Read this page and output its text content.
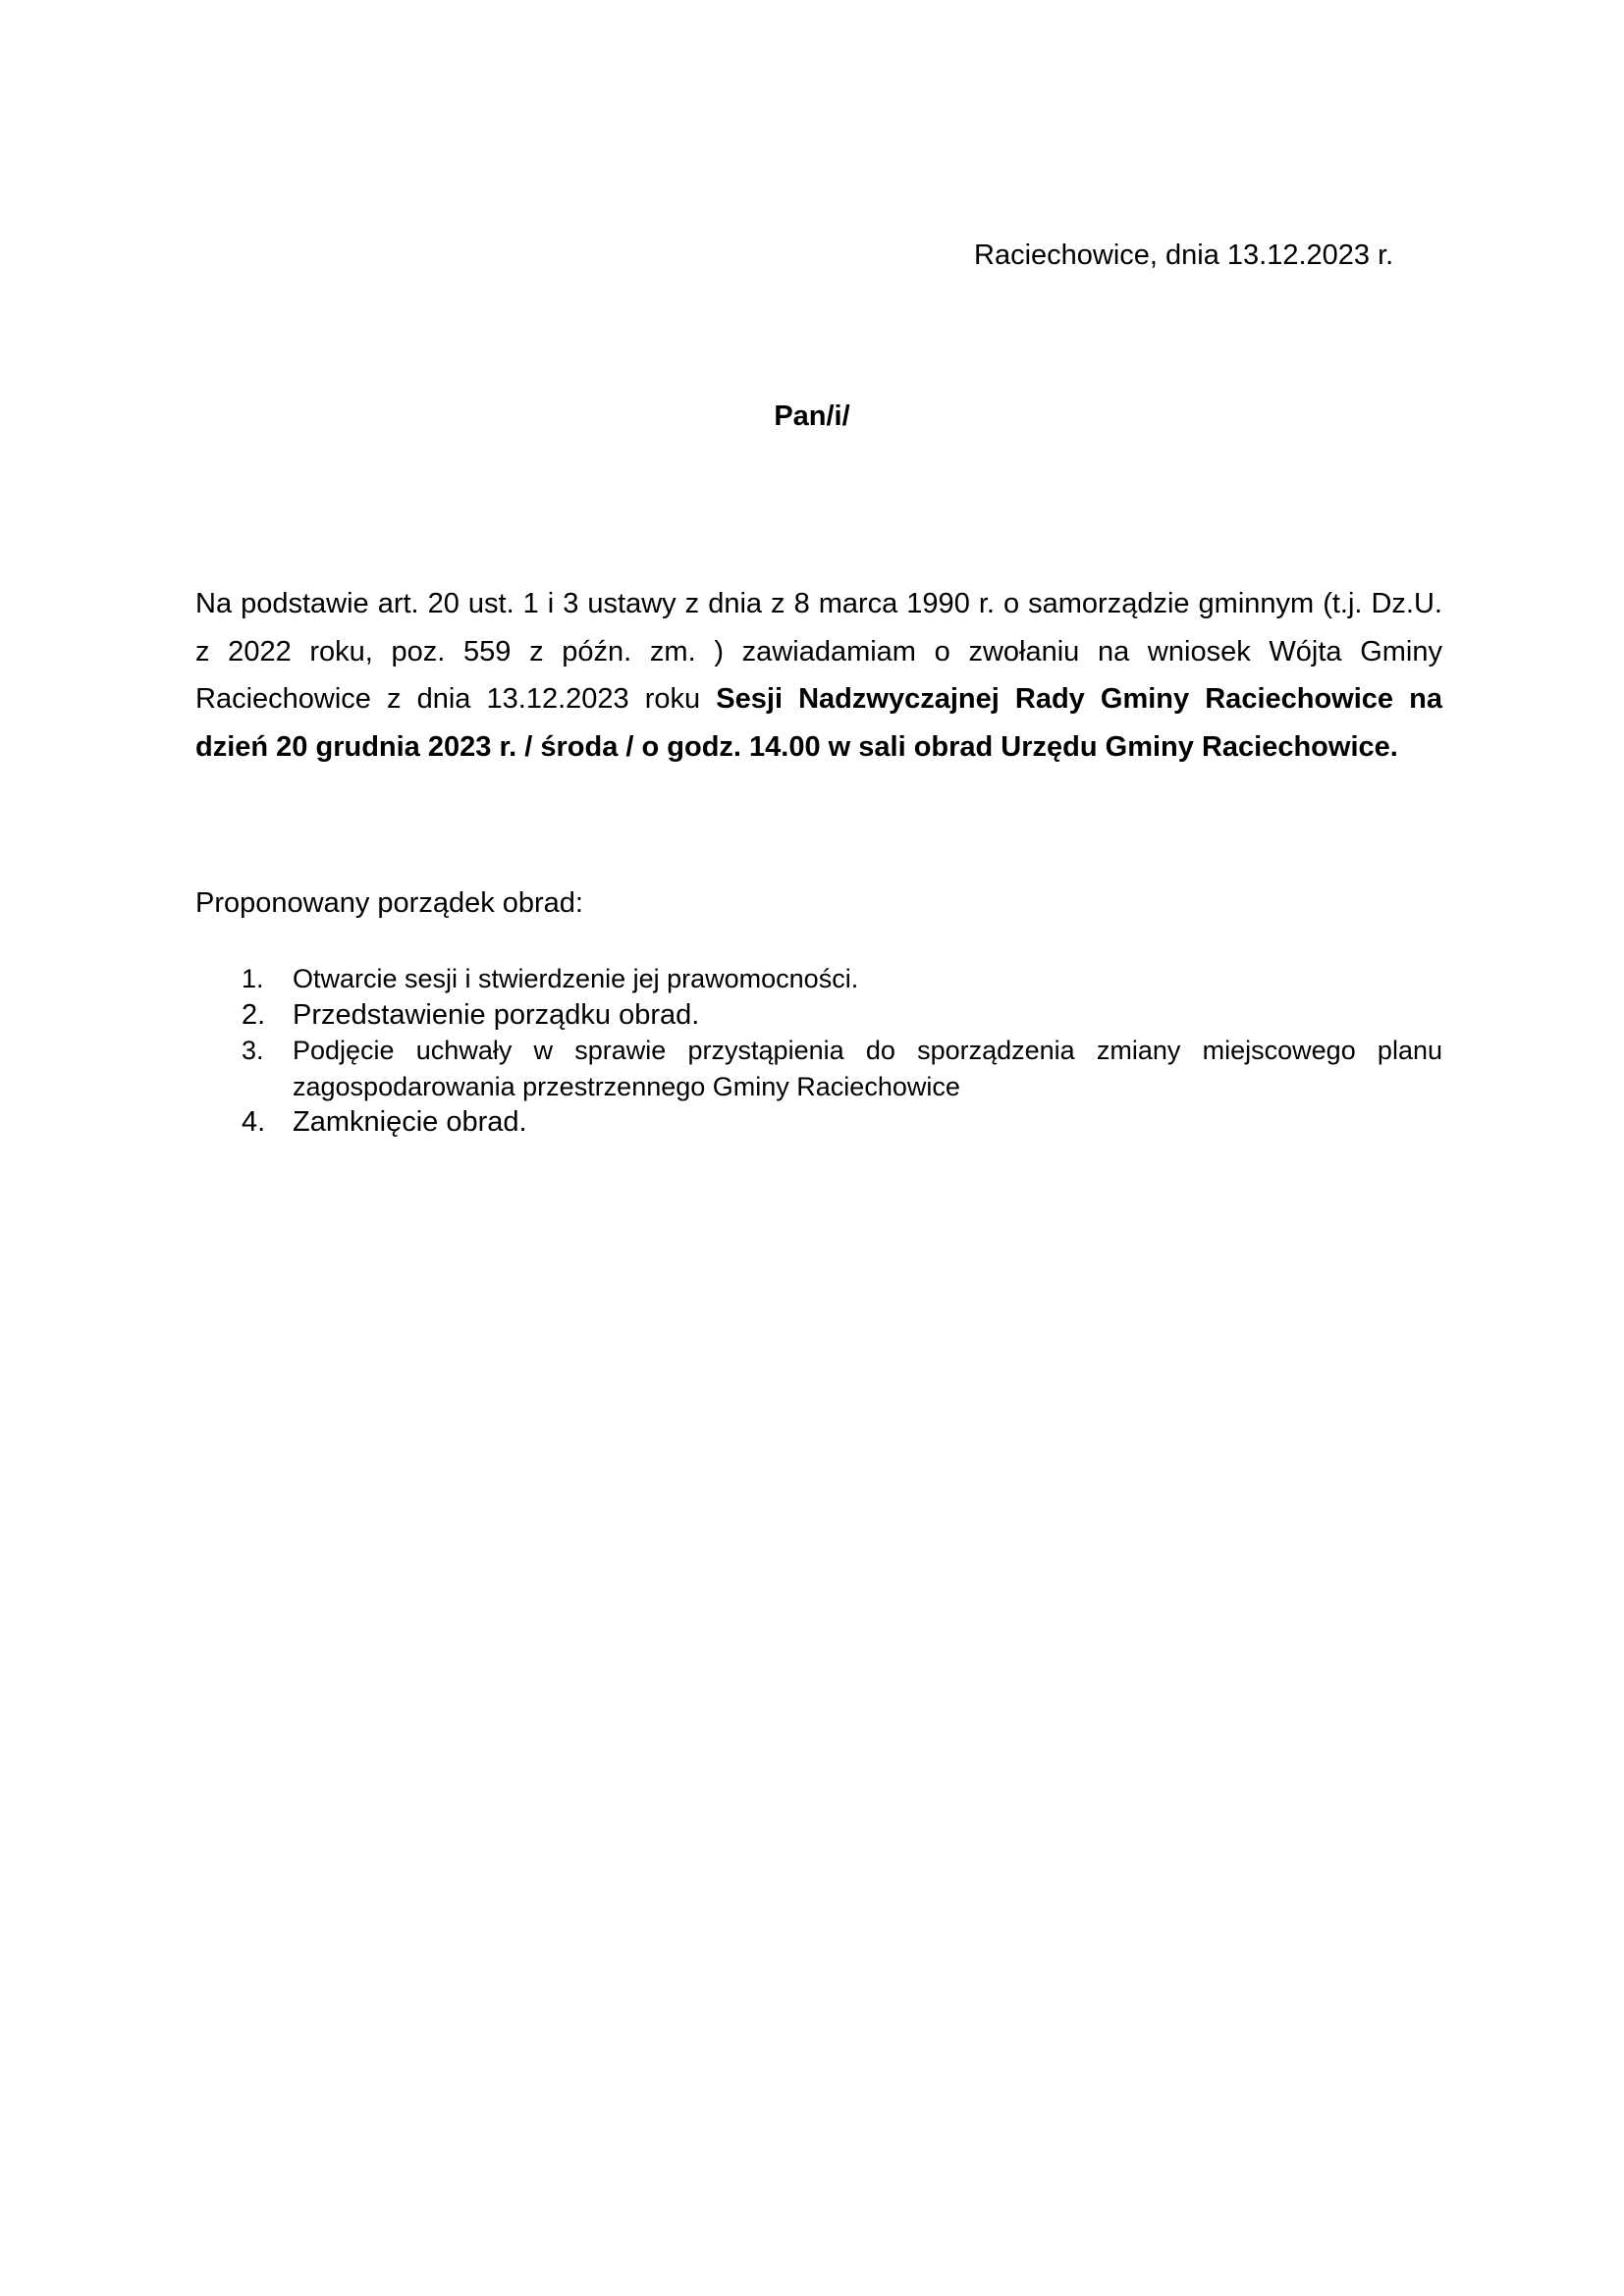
Raciechowice, dnia 13.12.2023 r.
Pan/i/

Na podstawie art. 20 ust. 1 i 3 ustawy z dnia z 8 marca 1990 r. o samorządzie gminnym (t.j. Dz.U. z 2022 roku, poz. 559 z późn. zm. ) zawiadamiam o zwołaniu na wniosek Wójta Gminy Raciechowice z dnia 13.12.2023 roku Sesji Nadzwyczajnej Rady Gminy Raciechowice na dzień 20 grudnia 2023 r. / środa / o godz. 14.00 w sali obrad Urzędu Gminy Raciechowice.

Proponowany porządek obrad:
1.	Otwarcie sesji i stwierdzenie jej prawomocności.
2. Przedstawienie porządku obrad.
3.	Podjęcie uchwały w sprawie przystąpienia do sporządzenia zmiany miejscowego planu zagospodarowania przestrzennego Gminy Raciechowice
4. Zamknięcie obrad.
